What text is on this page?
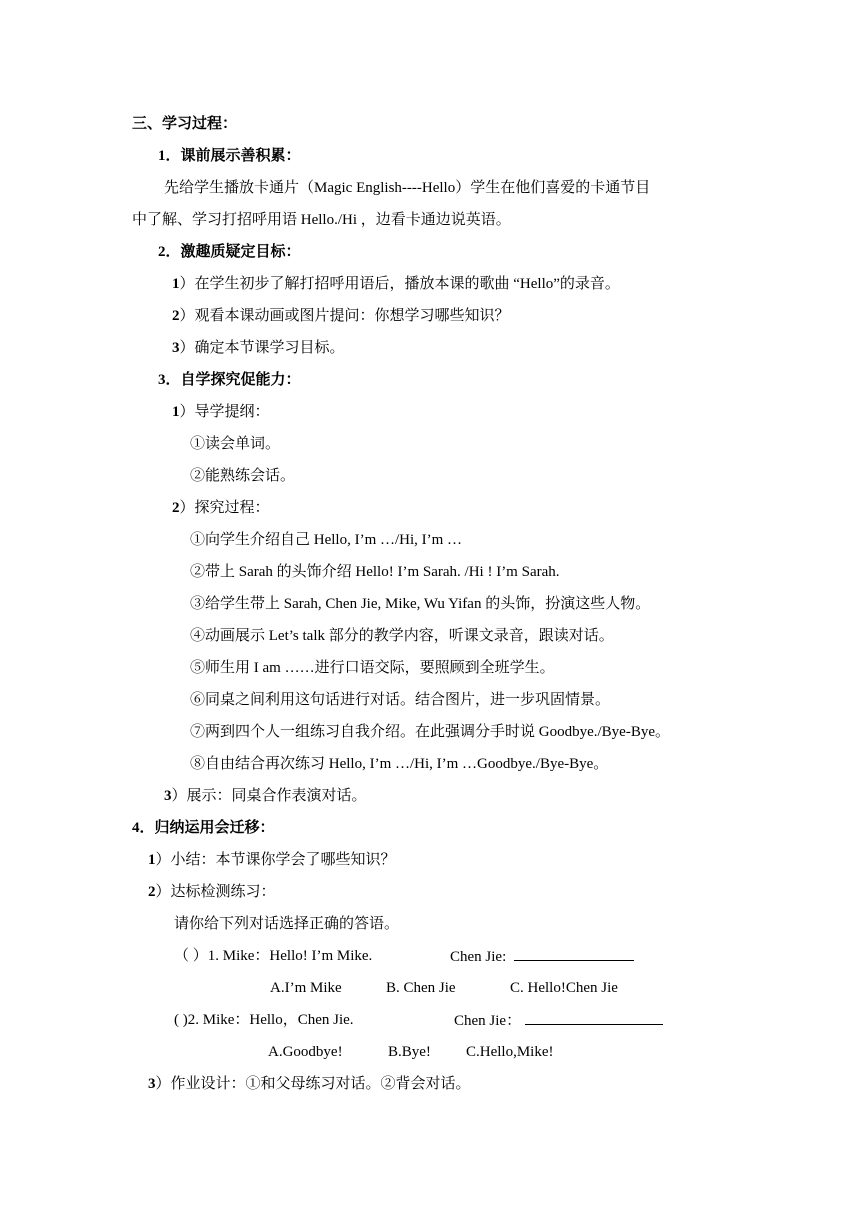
三、学习过程：
1．课前展示善积累：
先给学生播放卡通片（Magic English----Hello）学生在他们喜爱的卡通节目
中了解、学习打招呼用语 Hello./Hi ，边看卡通边说英语。
2．激趣质疑定目标：
1）在学生初步了解打招呼用语后，播放本课的歌曲 “Hello”的录音。
2）观看本课动画或图片提问：你想学习哪些知识？
3）确定本节课学习目标。
3．自学探究促能力：
1）导学提纲：
①读会单词。
②能熟练会话。
2）探究过程：
①向学生介绍自己 Hello, I’m …/Hi, I’m …
②带上 Sarah 的头饰介绍 Hello! I’m Sarah. /Hi ! I’m Sarah.
③给学生带上 Sarah, Chen Jie, Mike, Wu Yifan 的头饰，扮演这些人物。
④动画展示 Let’s talk 部分的教学内容，听课文录音，跟读对话。
⑤师生用 I am ……进行口语交际，要照顾到全班学生。
⑥同桌之间利用这句话进行对话。结合图片，进一步巩固情景。
⑦两到四个人一组练习自我介绍。在此强调分手时说 Goodbye./Bye-Bye。
⑧自由结合再次练习 Hello, I’m …/Hi, I’m …Goodbye./Bye-Bye。
3）展示：同桌合作表演对话。
4．归纳运用会迁移：
1）小结：本节课你学会了哪些知识？
2）达标检测练习：
请你给下列对话选择正确的答语。
（ ）1. Mike：Hello! I’m Mike.	Chen Jie:
A.I’m Mike	B. Chen Jie	C. Hello!Chen Jie
( )2. Mike：Hello，Chen Jie.	Chen Jie：
A.Goodbye!	B.Bye! C.Hello,Mike!
3）作业设计：①和父母练习对话。②背会对话。
